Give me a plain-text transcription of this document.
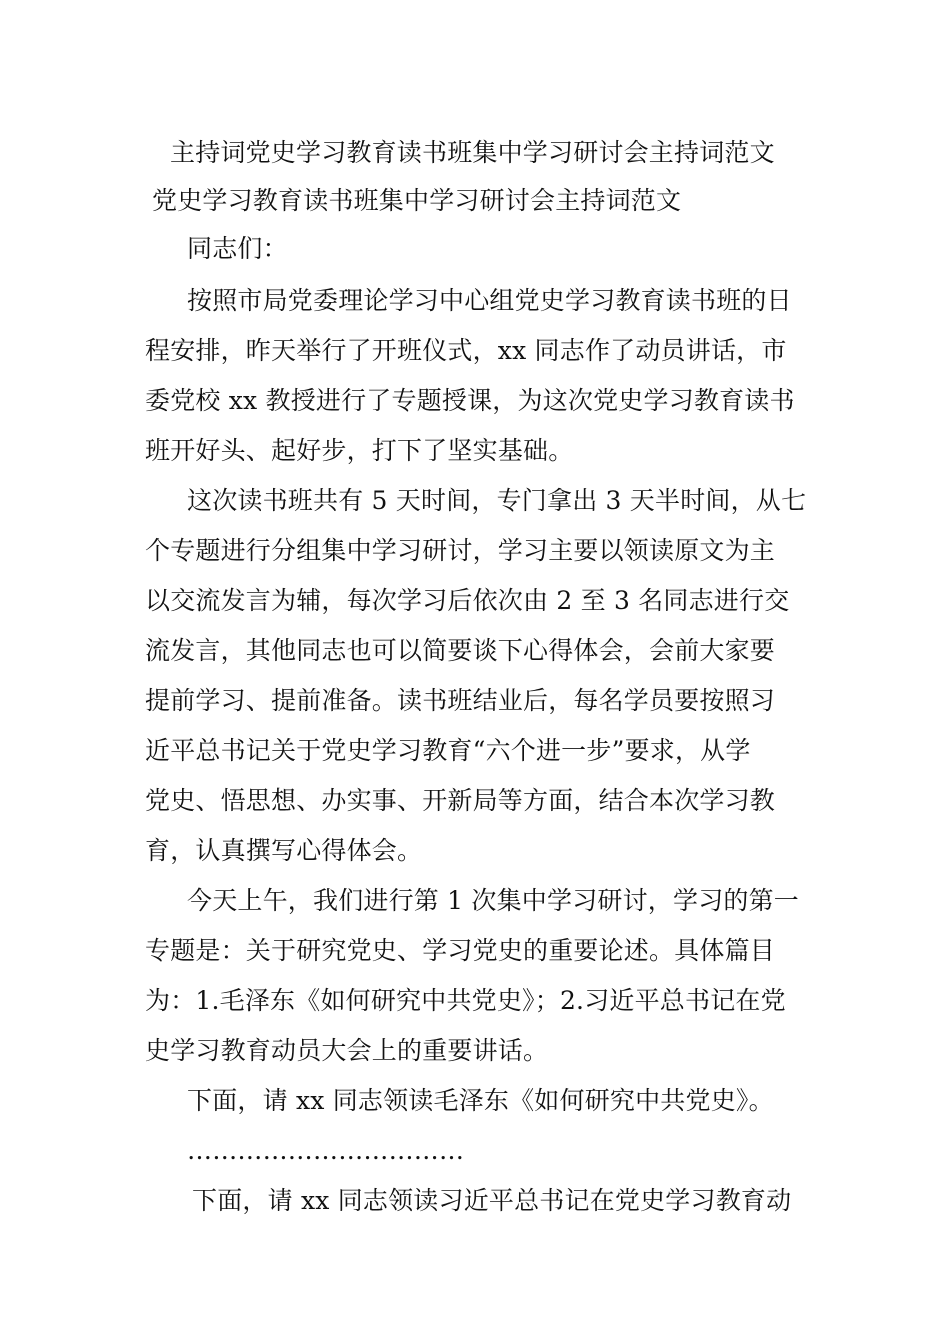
主持词党史学习教育读书班集中学习研讨会主持词范文
党史学习教育读书班集中学习研讨会主持词范文
同志们：
按照市局党委理论学习中心组党史学习教育读书班的日
程安排，昨天举行了开班仪式，xx 同志作了动员讲话，市
委党校 xx 教授进行了专题授课，为这次党史学习教育读书
班开好头、起好步，打下了坚实基础。
这次读书班共有 5 天时间，专门拿出 3 天半时间，从七
个专题进行分组集中学习研讨，学习主要以领读原文为主
以交流发言为辅，每次学习后依次由 2 至 3 名同志进行交
流发言，其他同志也可以简要谈下心得体会，会前大家要
提前学习、提前准备。读书班结业后，每名学员要按照习
近平总书记关于党史学习教育“六个进一步”要求，从学
党史、悟思想、办实事、开新局等方面，结合本次学习教
育，认真撰写心得体会。
今天上午，我们进行第 1 次集中学习研讨，学习的第一
专题是：关于研究党史、学习党史的重要论述。具体篇目
为：1.毛泽东《如何研究中共党史》；2.习近平总书记在党
史学习教育动员大会上的重要讲话。
下面，请 xx 同志领读毛泽东《如何研究中共党史》。
……………………………
下面，请 xx 同志领读习近平总书记在党史学习教育动
